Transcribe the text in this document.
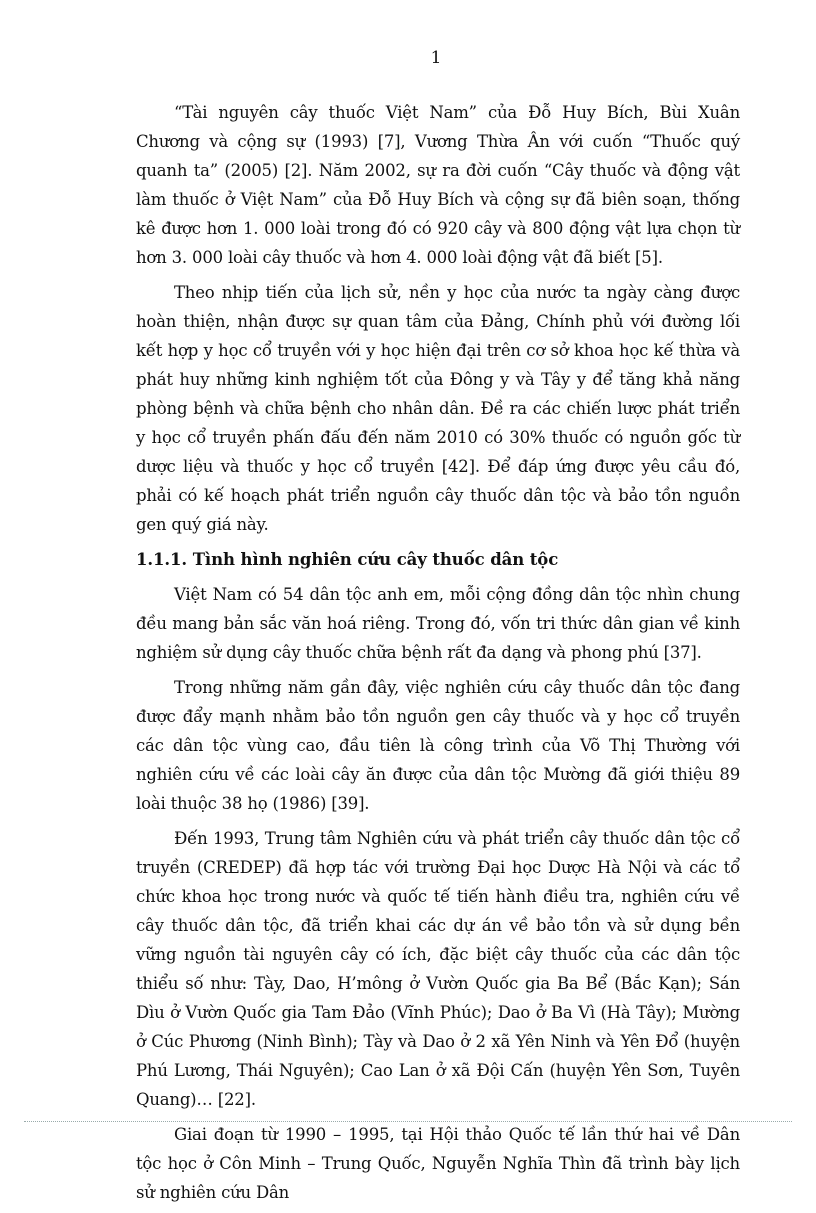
1

“Tài nguyên cây thuốc Việt Nam” của Đỗ Huy Bích, Bùi Xuân Chương và cộng sự (1993) [7], Vương Thừa Ân với cuốn “Thuốc quý quanh ta” (2005) [2]. Năm 2002, sự ra đời cuốn “Cây thuốc và động vật làm thuốc ở Việt Nam” của Đỗ Huy Bích và cộng sự đã biên soạn, thống kê được hơn 1. 000 loài trong đó có 920 cây và 800 động vật lựa chọn từ hơn 3. 000 loài cây thuốc và hơn 4. 000 loài động vật đã biết [5].

Theo nhịp tiến của lịch sử, nền y học của nước ta ngày càng được hoàn thiện, nhận được sự quan tâm của Đảng, Chính phủ với đường lối kết hợp y học cổ truyền với y học hiện đại trên cơ sở khoa học kế thừa và phát huy những kinh nghiệm tốt của Đông y và Tây y để tăng khả năng phòng bệnh và chữa bệnh cho nhân dân. Đề ra các chiến lược phát triển y học cổ truyền phấn đấu đến năm 2010 có 30% thuốc có nguồn gốc từ dược liệu và thuốc y học cổ truyền [42]. Để đáp ứng được yêu cầu đó, phải có kế hoạch phát triển nguồn cây thuốc dân tộc và bảo tồn nguồn gen quý giá này.

1.1.1. Tình hình nghiên cứu cây thuốc dân tộc

Việt Nam có 54 dân tộc anh em, mỗi cộng đồng dân tộc nhìn chung đều mang bản sắc văn hoá riêng. Trong đó, vốn tri thức dân gian về kinh nghiệm sử dụng cây thuốc chữa bệnh rất đa dạng và phong phú [37].

Trong những năm gần đây, việc nghiên cứu cây thuốc dân tộc đang được đẩy mạnh nhằm bảo tồn nguồn gen cây thuốc và y học cổ truyền các dân tộc vùng cao, đầu tiên là công trình của Võ Thị Thường với nghiên cứu về các loài cây ăn được của dân tộc Mường đã giới thiệu 89 loài thuộc 38 họ (1986) [39].

Đến 1993, Trung tâm Nghiên cứu và phát triển cây thuốc dân tộc cổ truyền (CREDEP) đã hợp tác với trường Đại học Dược Hà Nội và các tổ chức khoa học trong nước và quốc tế tiến hành điều tra, nghiên cứu về cây thuốc dân tộc, đã triển khai các dự án về bảo tồn và sử dụng bền vững nguồn tài nguyên cây có ích, đặc biệt cây thuốc của các dân tộc thiểu số như: Tày, Dao, H’mông ở Vườn Quốc gia Ba Bể (Bắc Kạn); Sán Dìu ở Vườn Quốc gia Tam Đảo (Vĩnh Phúc); Dao ở Ba Vì (Hà Tây); Mường ở Cúc Phương (Ninh Bình); Tày và Dao ở 2 xã Yên Ninh và Yên Đổ (huyện Phú Lương, Thái Nguyên); Cao Lan ở xã Đội Cấn (huyện Yên Sơn, Tuyên Quang)… [22].

Giai đoạn từ 1990 – 1995, tại Hội thảo Quốc tế lần thứ hai về Dân tộc học ở Côn Minh – Trung Quốc, Nguyễn Nghĩa Thìn đã trình bày lịch sử nghiên cứu Dân
